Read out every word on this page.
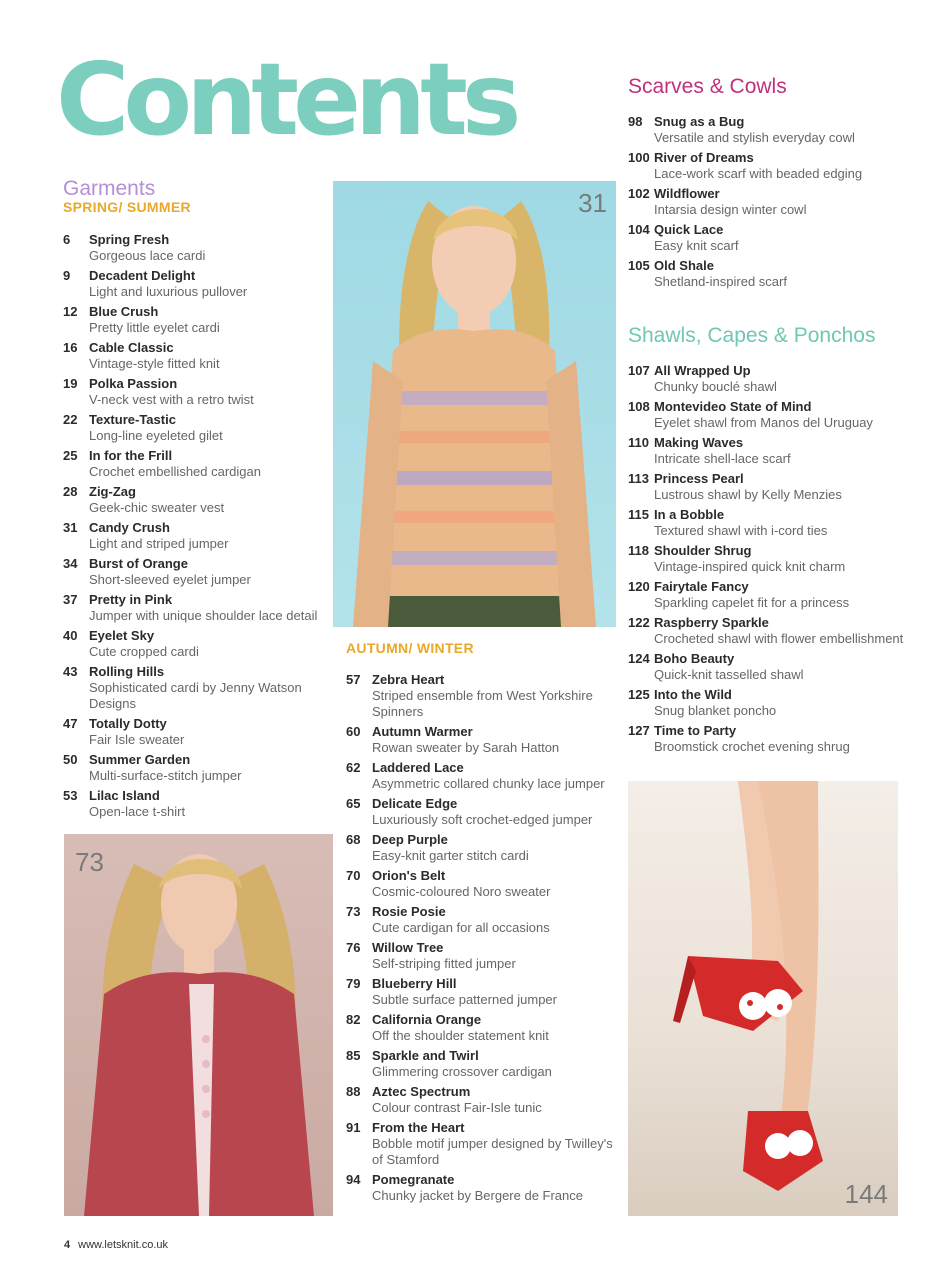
Contents
Garments
SPRING/ SUMMER
6 Spring Fresh
Gorgeous lace cardi
9 Decadent Delight
Light and luxurious pullover
12 Blue Crush
Pretty little eyelet cardi
16 Cable Classic
Vintage-style fitted knit
19 Polka Passion
V-neck vest with a retro twist
22 Texture-Tastic
Long-line eyeleted gilet
25 In for the Frill
Crochet embellished cardigan
28 Zig-Zag
Geek-chic sweater vest
31 Candy Crush
Light and striped jumper
34 Burst of Orange
Short-sleeved eyelet jumper
37 Pretty in Pink
Jumper with unique shoulder lace detail
40 Eyelet Sky
Cute cropped cardi
43 Rolling Hills
Sophisticated cardi by Jenny Watson Designs
47 Totally Dotty
Fair Isle sweater
50 Summer Garden
Multi-surface-stitch jumper
53 Lilac Island
Open-lace t-shirt
31
AUTUMN/ WINTER
57 Zebra Heart
Striped ensemble from West Yorkshire Spinners
60 Autumn Warmer
Rowan sweater by Sarah Hatton
62 Laddered Lace
Asymmetric collared chunky lace jumper
65 Delicate Edge
Luxuriously soft crochet-edged jumper
68 Deep Purple
Easy-knit garter stitch cardi
70 Orion's Belt
Cosmic-coloured Noro sweater
73 Rosie Posie
Cute cardigan for all occasions
76 Willow Tree
Self-striping fitted jumper
79 Blueberry Hill
Subtle surface patterned jumper
82 California Orange
Off the shoulder statement knit
85 Sparkle and Twirl
Glimmering crossover cardigan
88 Aztec Spectrum
Colour contrast Fair-Isle tunic
91 From the Heart
Bobble motif jumper designed by Twilley's of Stamford
94 Pomegranate
Chunky jacket by Bergere de France
73
Scarves & Cowls
98 Snug as a Bug
Versatile and stylish everyday cowl
100 River of Dreams
Lace-work scarf with beaded edging
102 Wildflower
Intarsia design winter cowl
104 Quick Lace
Easy knit scarf
105 Old Shale
Shetland-inspired scarf
Shawls, Capes & Ponchos
107 All Wrapped Up
Chunky bouclé shawl
108 Montevideo State of Mind
Eyelet shawl from Manos del Uruguay
110 Making Waves
Intricate shell-lace scarf
113 Princess Pearl
Lustrous shawl by Kelly Menzies
115 In a Bobble
Textured shawl with i-cord ties
118 Shoulder Shrug
Vintage-inspired quick knit charm
120 Fairytale Fancy
Sparkling capelet fit for a princess
122 Raspberry Sparkle
Crocheted shawl with flower embellishment
124 Boho Beauty
Quick-knit tasselled shawl
125 Into the Wild
Snug blanket poncho
127 Time to Party
Broomstick crochet evening shrug
144
4 www.letsknit.co.uk
